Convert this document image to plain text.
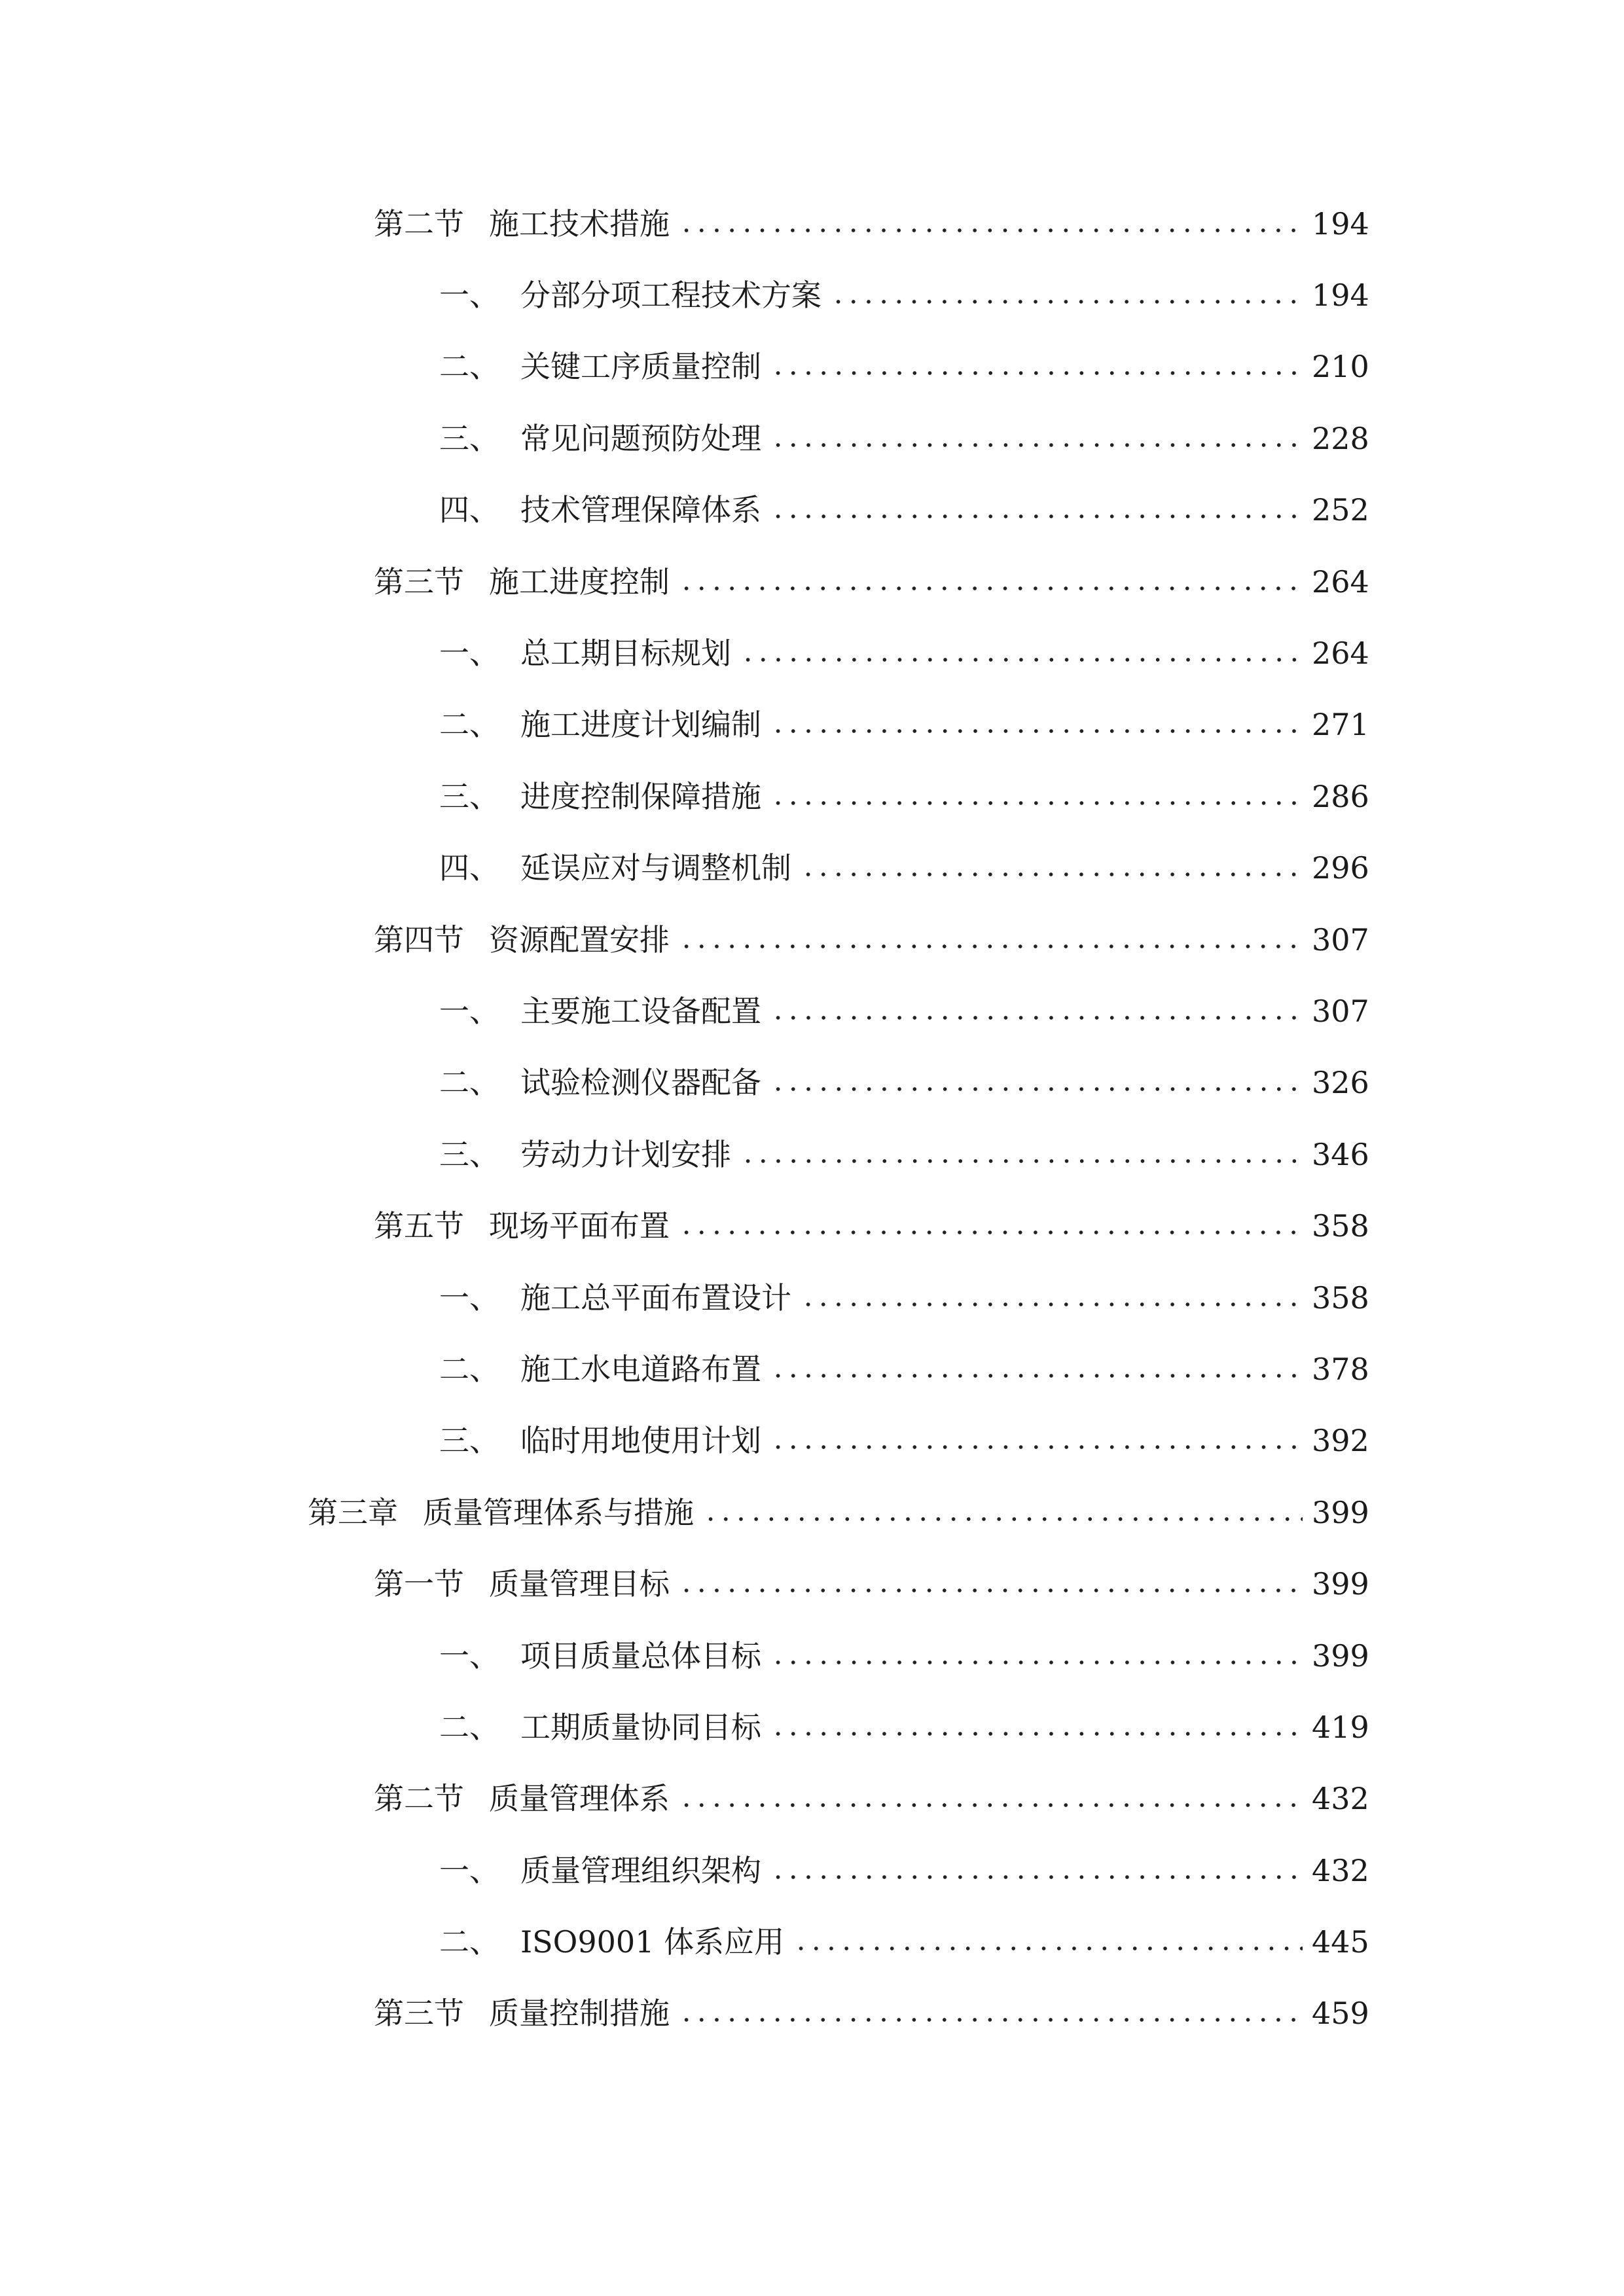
第二节 施工技术措施	194
一、 分部分项工程技术方案	194
二、 关键工序质量控制	210
三、 常见问题预防处理	228
四、 技术管理保障体系	252
第三节 施工进度控制	264
一、 总工期目标规划	264
二、 施工进度计划编制	271
三、 进度控制保障措施	286
四、 延误应对与调整机制	296
第四节 资源配置安排	307
一、 主要施工设备配置	307
二、 试验检测仪器配备	326
三、 劳动力计划安排	346
第五节 现场平面布置	358
一、 施工总平面布置设计	358
二、 施工水电道路布置	378
三、 临时用地使用计划	392
第三章 质量管理体系与措施	399
第一节 质量管理目标	399
一、 项目质量总体目标	399
二、 工期质量协同目标	419
第二节 质量管理体系	432
一、 质量管理组织架构	432
二、 ISO9001 体系应用	445
第三节 质量控制措施	459
